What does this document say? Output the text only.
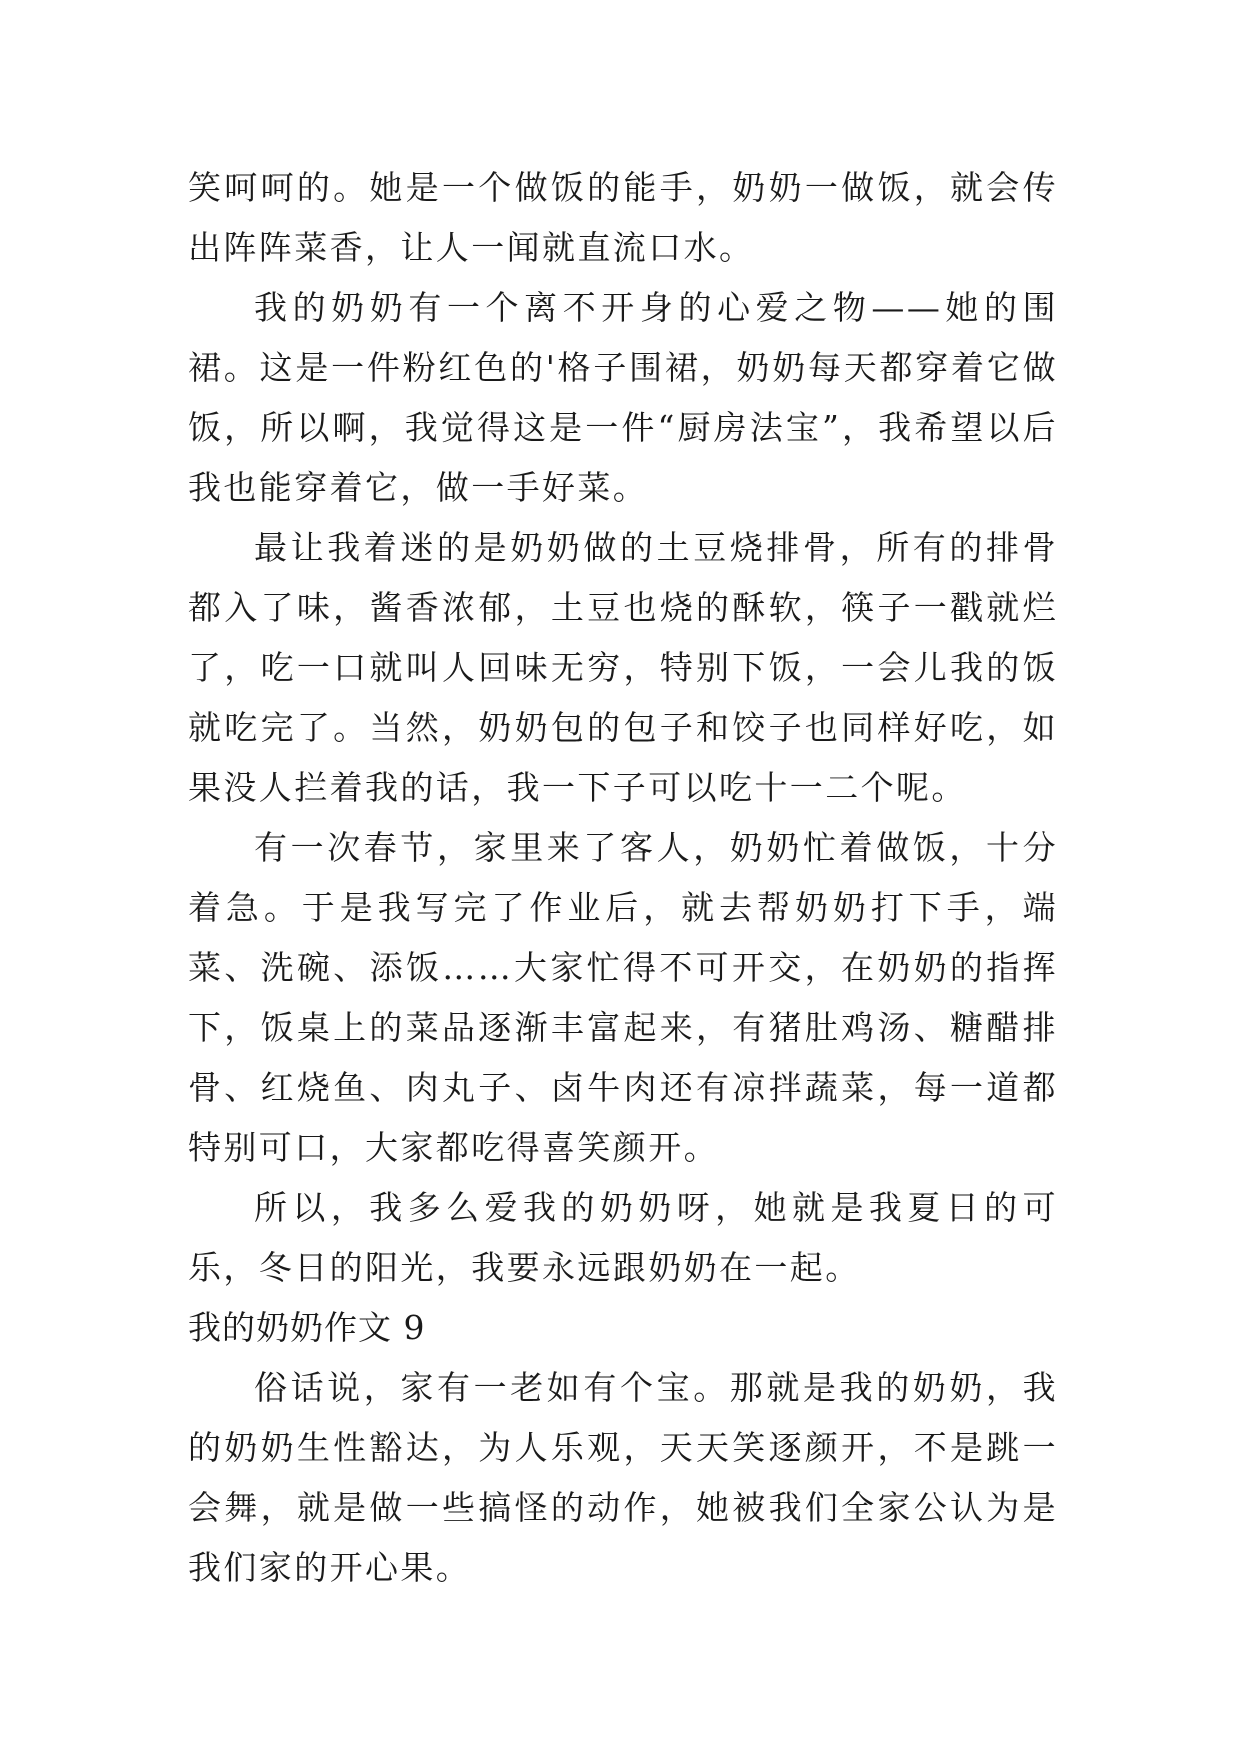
笑呵呵的。她是一个做饭的能手，奶奶一做饭，就会传出阵阵菜香，让人一闻就直流口水。

我的奶奶有一个离不开身的心爱之物——她的围裙。这是一件粉红色的'格子围裙，奶奶每天都穿着它做饭，所以啊，我觉得这是一件“厨房法宝”，我希望以后我也能穿着它，做一手好菜。

最让我着迷的是奶奶做的土豆烧排骨，所有的排骨都入了味，酱香浓郁，土豆也烧的酥软，筷子一戳就烂了，吃一口就叫人回味无穷，特别下饭，一会儿我的饭就吃完了。当然，奶奶包的包子和饺子也同样好吃，如果没人拦着我的话，我一下子可以吃十一二个呢。

有一次春节，家里来了客人，奶奶忙着做饭，十分着急。于是我写完了作业后，就去帮奶奶打下手，端菜、洗碗、添饭……大家忙得不可开交，在奶奶的指挥下，饭桌上的菜品逐渐丰富起来，有猪肚鸡汤、糖醋排骨、红烧鱼、肉丸子、卤牛肉还有凉拌蔬菜，每一道都特别可口，大家都吃得喜笑颜开。

所以，我多么爱我的奶奶呀，她就是我夏日的可乐，冬日的阳光，我要永远跟奶奶在一起。

我的奶奶作文 9

俗话说，家有一老如有个宝。那就是我的奶奶，我的奶奶生性豁达，为人乐观，天天笑逐颜开，不是跳一会舞，就是做一些搞怪的动作，她被我们全家公认为是我们家的开心果。
